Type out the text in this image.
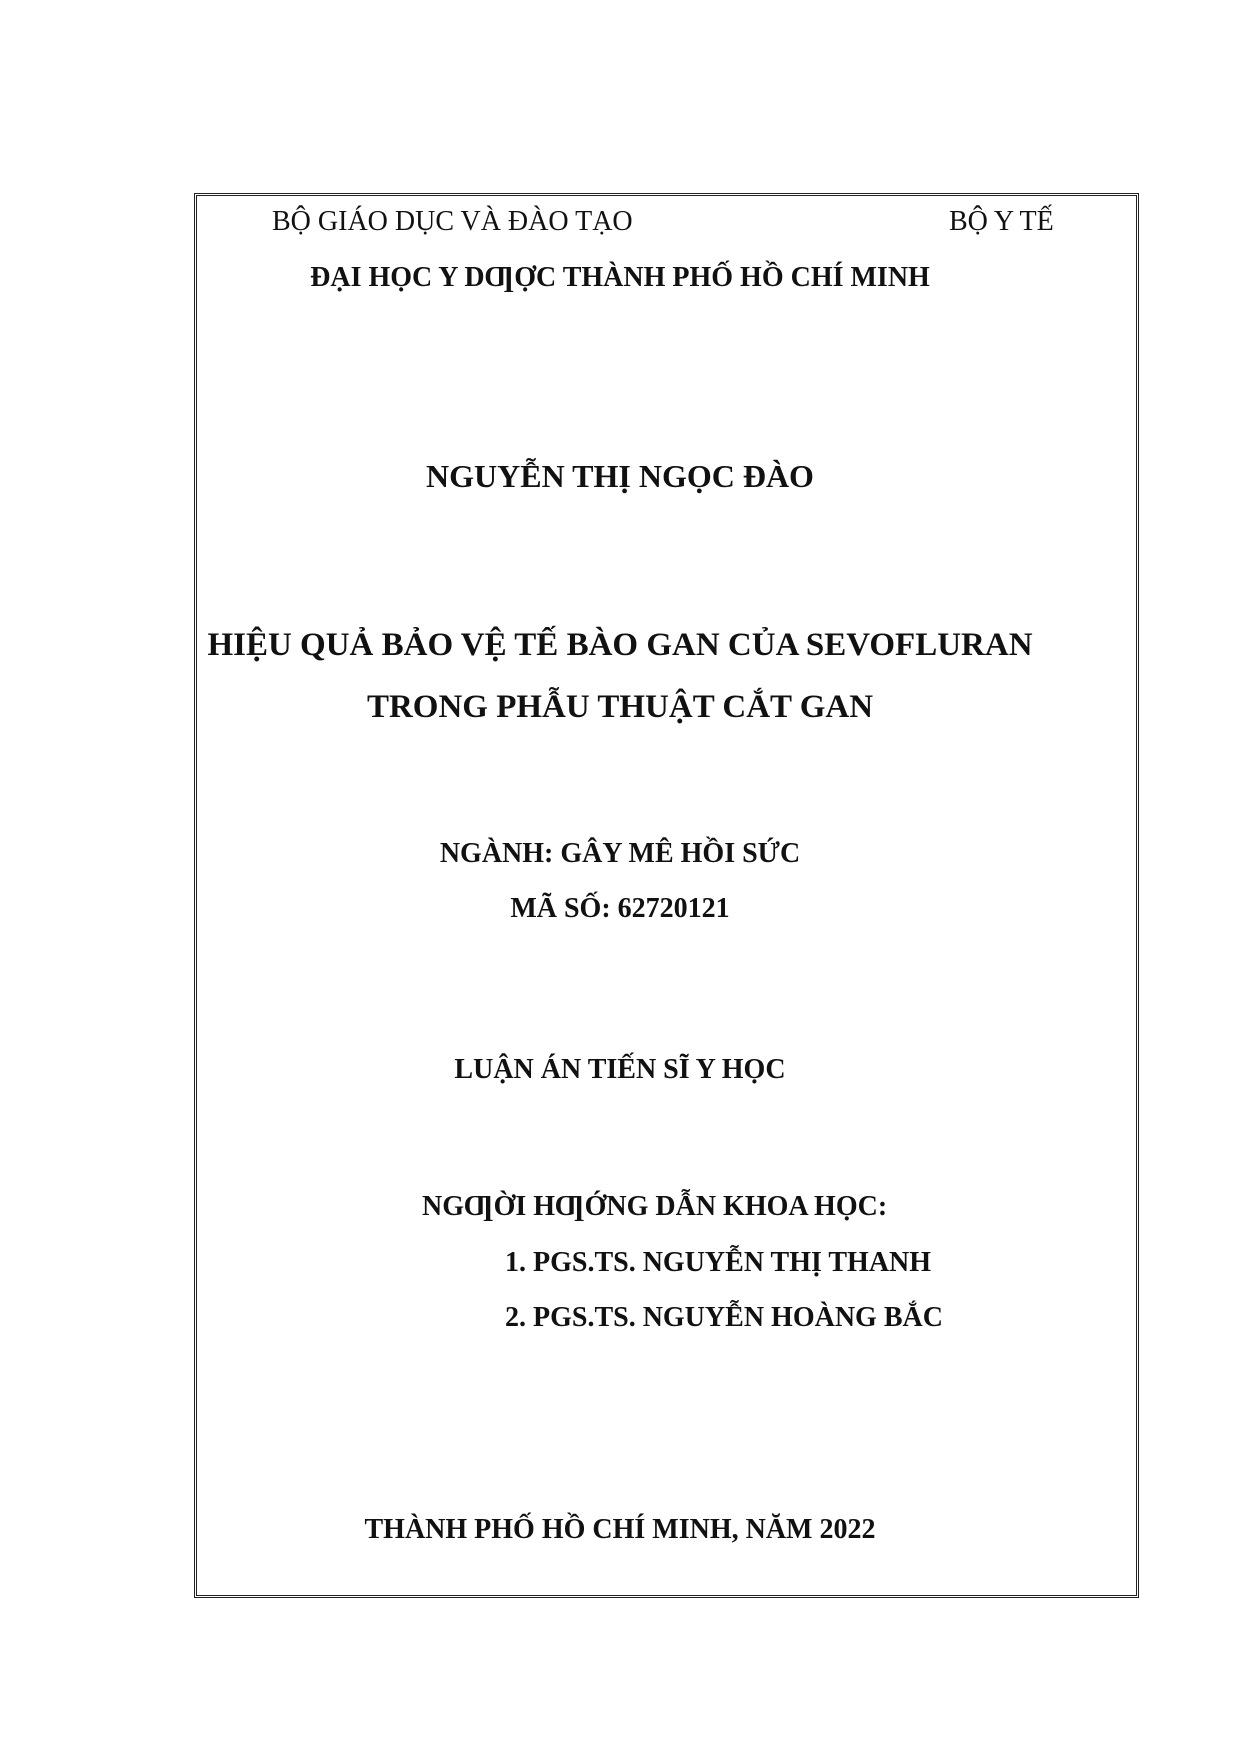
BỘ GIÁO DỤC VÀ ĐÀO TẠO	BỘ Y TẾ
ĐẠI HỌC Y DƢỢC THÀNH PHỐ HỒ CHÍ MINH
NGUYỄN THỊ NGỌC ĐÀO
HIỆU QUẢ BẢO VỆ TẾ BÀO GAN CỦA SEVOFLURAN
TRONG PHẪU THUẬT CẮT GAN
NGÀNH: GÂY MÊ HỒI SỨC
MÃ SỐ: 62720121
LUẬN ÁN TIẾN SĨ Y HỌC
NGƢỜI HƢỚNG DẪN KHOA HỌC:
1. PGS.TS. NGUYỄN THỊ THANH
2. PGS.TS. NGUYỄN HOÀNG BẮC
THÀNH PHỐ HỒ CHÍ MINH, NĂM 2022
